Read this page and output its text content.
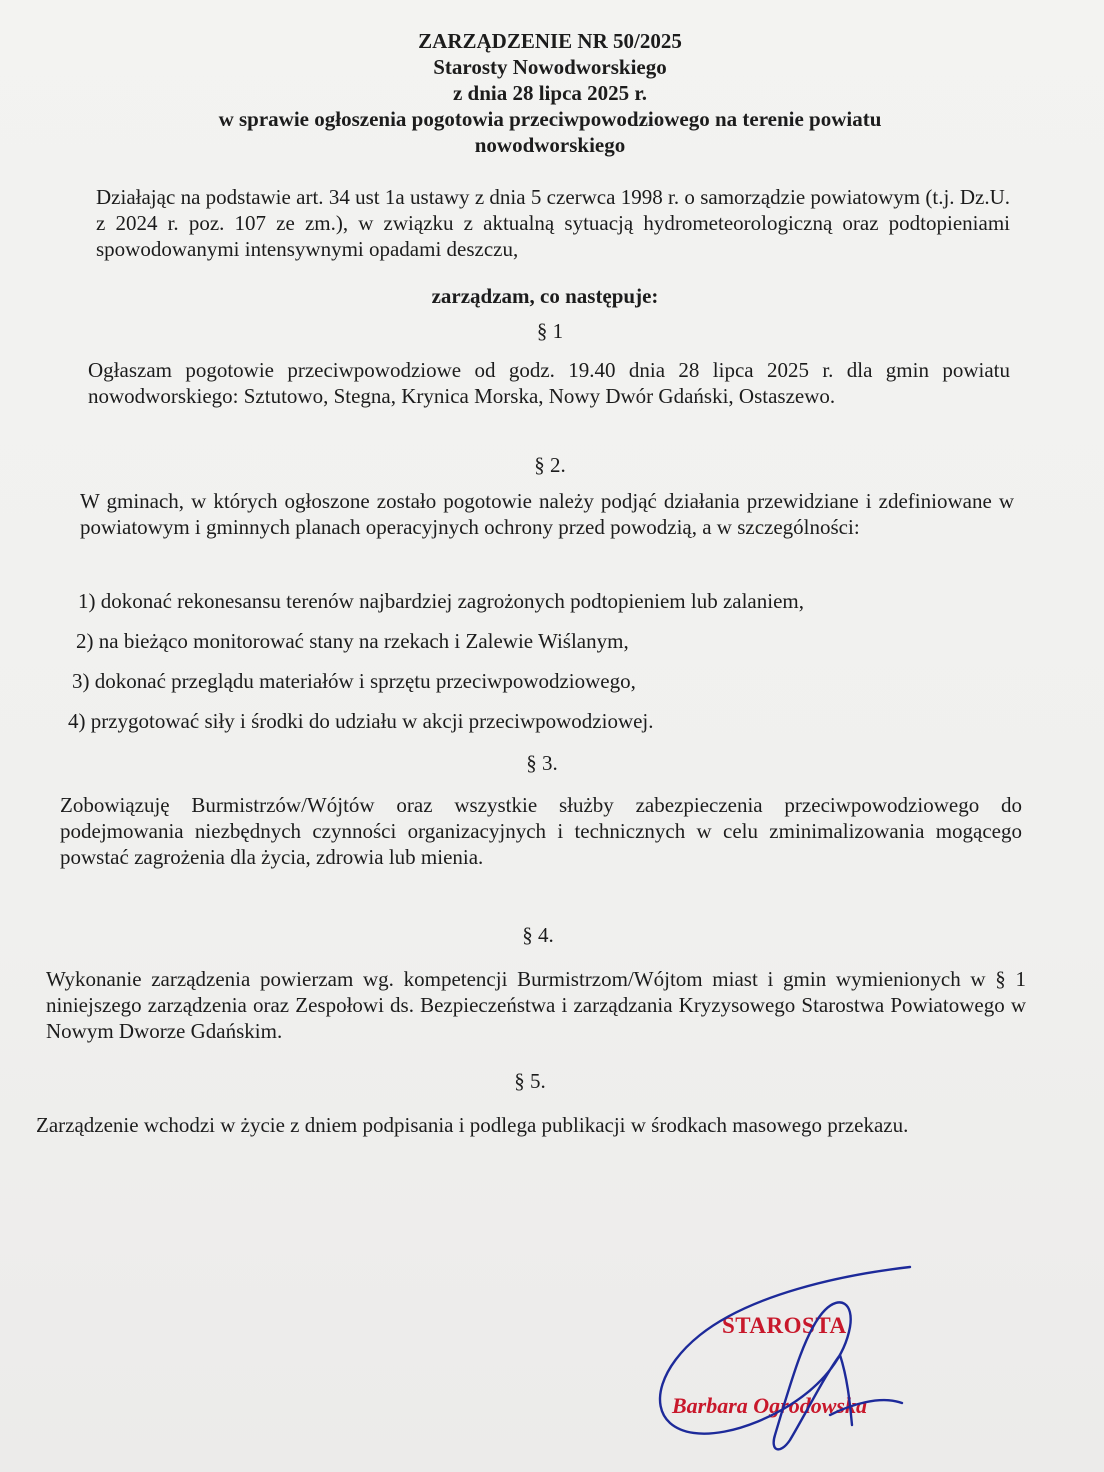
ZARZĄDZENIE NR 50/2025
Starosty Nowodworskiego
z dnia 28 lipca 2025 r.
w sprawie ogłoszenia pogotowia przeciwpowodziowego na terenie powiatu
nowodworskiego
Działając na podstawie art. 34 ust 1a ustawy z dnia 5 czerwca 1998 r. o samorządzie powiatowym (t.j. Dz.U. z 2024 r. poz. 107 ze zm.), w związku z aktualną sytuacją hydrometeorologiczną oraz podtopieniami spowodowanymi intensywnymi opadami deszczu,
zarządzam, co następuje:
§ 1
Ogłaszam pogotowie przeciwpowodziowe od godz. 19.40 dnia 28 lipca 2025 r. dla gmin powiatu nowodworskiego: Sztutowo, Stegna, Krynica Morska, Nowy Dwór Gdański, Ostaszewo.
§ 2.
W gminach, w których ogłoszone zostało pogotowie należy podjąć działania przewidziane i zdefiniowane w powiatowym i gminnych planach operacyjnych ochrony przed powodzią, a w szczególności:
1) dokonać rekonesansu terenów najbardziej zagrożonych podtopieniem lub zalaniem,
2) na bieżąco monitorować stany na rzekach i Zalewie Wiślanym,
3) dokonać przeglądu materiałów i sprzętu przeciwpowodziowego,
4) przygotować siły i środki do udziału w akcji przeciwpowodziowej.
§ 3.
Zobowiązuję Burmistrzów/Wójtów oraz wszystkie służby zabezpieczenia przeciwpowodziowego do podejmowania niezbędnych czynności organizacyjnych i technicznych w celu zminimalizowania mogącego powstać zagrożenia dla życia, zdrowia lub mienia.
§ 4.
Wykonanie zarządzenia powierzam wg. kompetencji Burmistrzom/Wójtom miast i gmin wymienionych w § 1 niniejszego zarządzenia oraz Zespołowi ds. Bezpieczeństwa i zarządzania Kryzysowego Starostwa Powiatowego w Nowym Dworze Gdańskim.
§ 5.
Zarządzenie wchodzi w życie z dniem podpisania i podlega publikacji w środkach masowego przekazu.
STAROSTA
Barbara Ogrodowska
